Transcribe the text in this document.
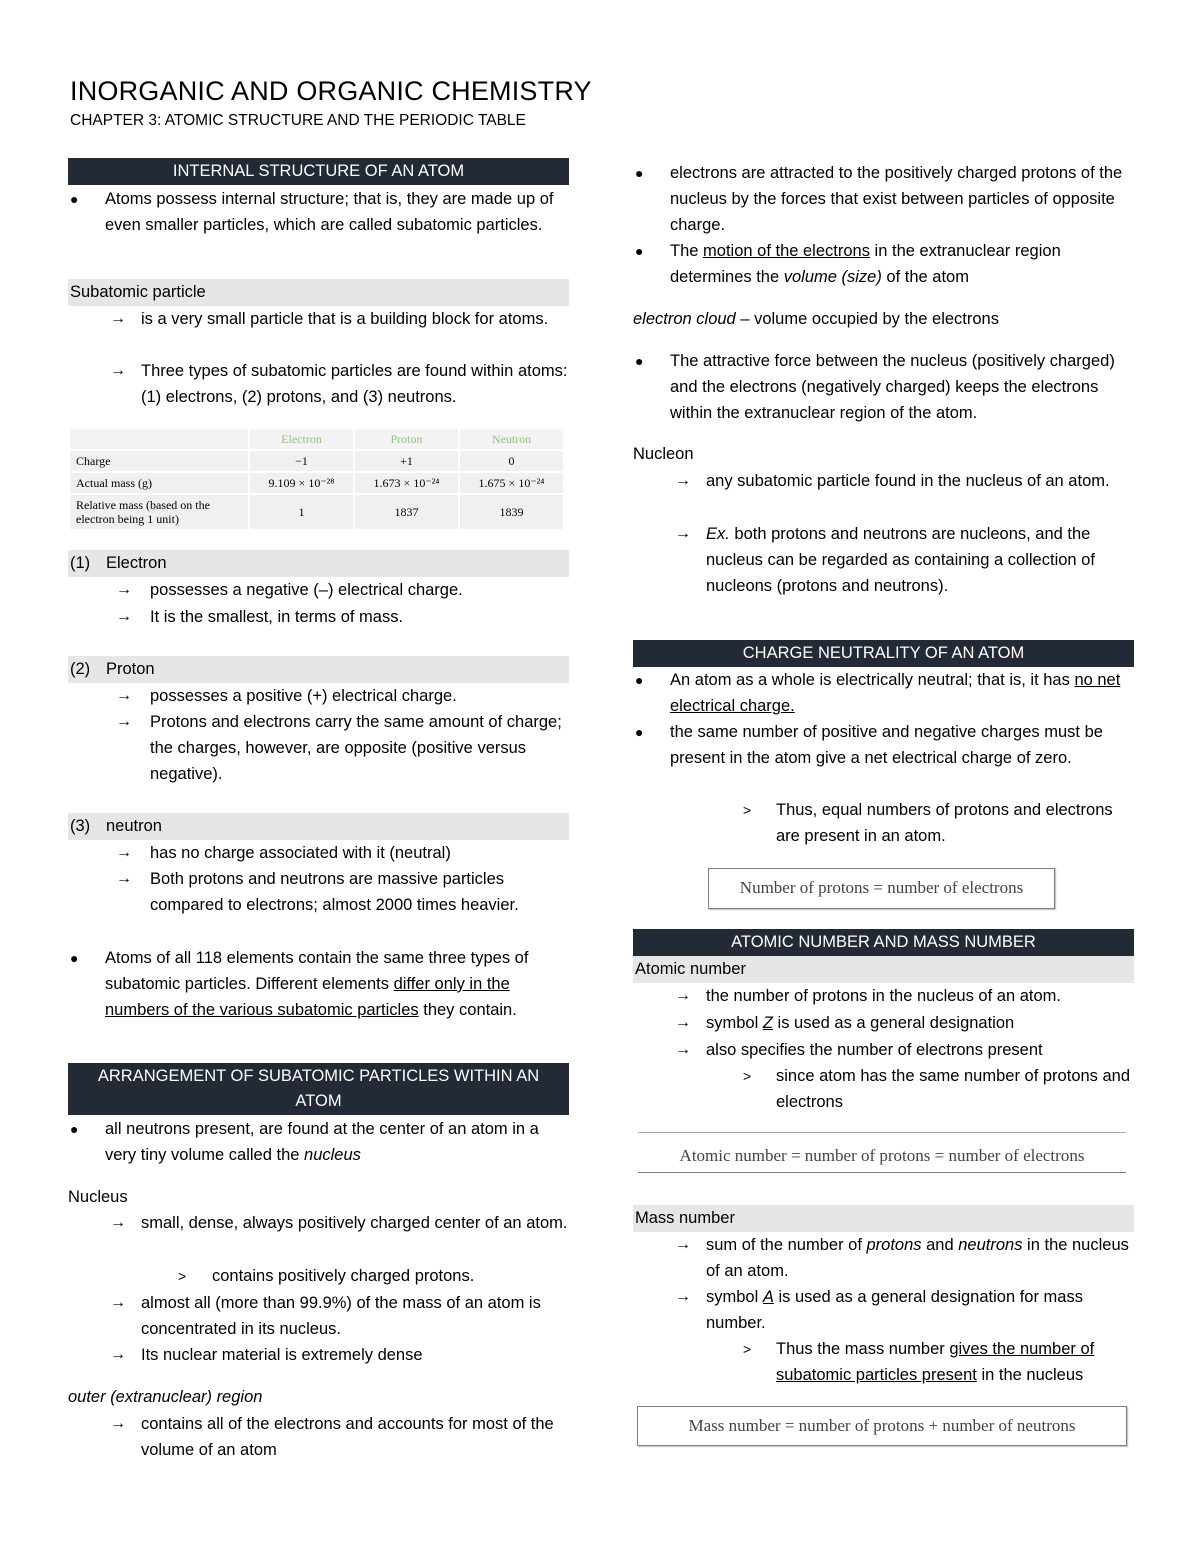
INORGANIC AND ORGANIC CHEMISTRY
CHAPTER 3: ATOMIC STRUCTURE AND THE PERIODIC TABLE
INTERNAL STRUCTURE OF AN ATOM
● Atoms possess internal structure; that is, they are made up of even smaller particles, which are called subatomic particles.
Subatomic particle
→ is a very small particle that is a building block for atoms.
→ Three types of subatomic particles are found within atoms: (1) electrons, (2) protons, and (3) neutrons.
(1) Electron
→ possesses a negative (–) electrical charge.
→ It is the smallest, in terms of mass.
(2) Proton
→ possesses a positive (+) electrical charge.
→ Protons and electrons carry the same amount of charge; the charges, however, are opposite (positive versus negative).
(3) neutron
→ has no charge associated with it (neutral)
→ Both protons and neutrons are massive particles compared to electrons; almost 2000 times heavier.
● Atoms of all 118 elements contain the same three types of subatomic particles. Different elements differ only in the numbers of the various subatomic particles they contain.
ARRANGEMENT OF SUBATOMIC PARTICLES WITHIN AN ATOM
● all neutrons present, are found at the center of an atom in a very tiny volume called the nucleus
Nucleus
→ small, dense, always positively charged center of an atom.
> contains positively charged protons.
→ almost all (more than 99.9%) of the mass of an atom is concentrated in its nucleus.
→ Its nuclear material is extremely dense
outer (extranuclear) region
→ contains all of the electrons and accounts for most of the volume of an atom
	Electron	Proton	Neutron
Charge	−1	+1	0
Actual mass (g)	9.109 × 10⁻²⁸	1.673 × 10⁻²⁴	1.675 × 10⁻²⁴
Relative mass (based on the electron being 1 unit)	1	1837	1839
● electrons are attracted to the positively charged protons of the nucleus by the forces that exist between particles of opposite charge.
● The motion of the electrons in the extranuclear region determines the volume (size) of the atom
electron cloud – volume occupied by the electrons
● The attractive force between the nucleus (positively charged) and the electrons (negatively charged) keeps the electrons within the extranuclear region of the atom.
Nucleon
→ any subatomic particle found in the nucleus of an atom.
→ Ex. both protons and neutrons are nucleons, and the nucleus can be regarded as containing a collection of nucleons (protons and neutrons).
CHARGE NEUTRALITY OF AN ATOM
● An atom as a whole is electrically neutral; that is, it has no net electrical charge.
● the same number of positive and negative charges must be present in the atom give a net electrical charge of zero.
> Thus, equal numbers of protons and electrons are present in an atom.
ATOMIC NUMBER AND MASS NUMBER
Atomic number
→ the number of protons in the nucleus of an atom.
→ symbol Z is used as a general designation
→ also specifies the number of electrons present
> since atom has the same number of protons and electrons
Mass number
→ sum of the number of protons and neutrons in the nucleus of an atom.
→ symbol A is used as a general designation for mass number.
> Thus the mass number gives the number of subatomic particles present in the nucleus
Number of protons = number of electrons
Atomic number = number of protons = number of electrons
Mass number = number of protons + number of neutrons
